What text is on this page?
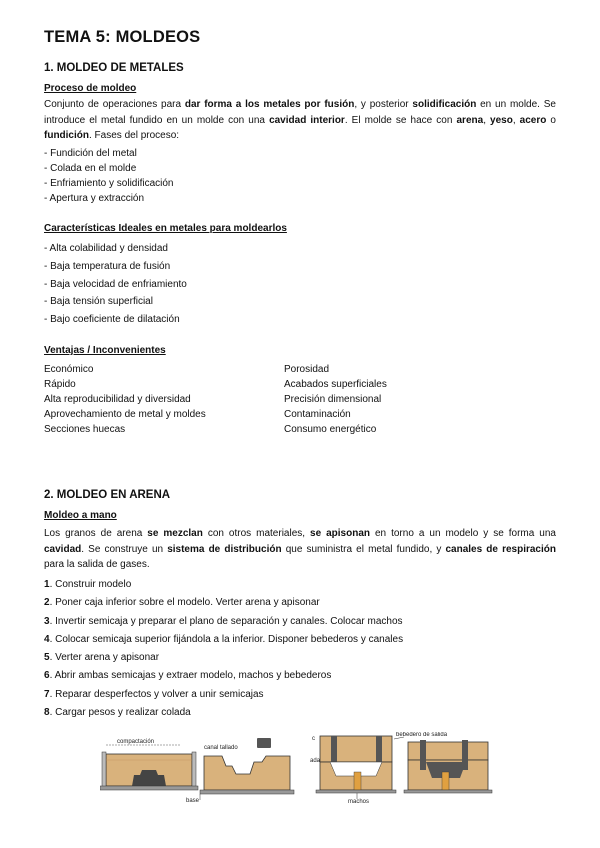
TEMA 5: MOLDEOS
1. MOLDEO DE METALES
Proceso de moldeo
Conjunto de operaciones para dar forma a los metales por fusión, y posterior solidificación en un molde. Se introduce el metal fundido en un molde con una cavidad interior. El molde se hace con arena, yeso, acero o fundición. Fases del proceso:
- Fundición del metal
- Colada en el molde
- Enfriamiento y solidificación
- Apertura y extracción
Características Ideales en metales para moldearlos
- Alta colabilidad y densidad
- Baja temperatura de fusión
- Baja velocidad de enfriamiento
- Baja tensión superficial
- Bajo coeficiente de dilatación
Ventajas / Inconvenientes
Económico
Rápido
Alta reproducibilidad y diversidad
Aprovechamiento de metal y moldes
Secciones huecas
Porosidad
Acabados superficiales
Precisión dimensional
Contaminación
Consumo energético
2. MOLDEO EN ARENA
Moldeo a mano
Los granos de arena se mezclan con otros materiales, se apisonan en torno a un modelo y se forma una cavidad. Se construye un sistema de distribución que suministra el metal fundido, y canales de respiración para la salida de gases.
1. Construir modelo
2. Poner caja inferior sobre el modelo. Verter arena y apisonar
3. Invertir semicaja y preparar el plano de separación y canales. Colocar machos
4. Colocar semicaja superior fijándola a la inferior. Disponer bebederos y canales
5. Verter arena y apisonar
6. Abrir ambas semicajas y extraer modelo, machos y bebederos
7. Reparar desperfectos y volver a unir semicajas
8. Cargar pesos y realizar colada
compactación
canal tallado
base
c
ada
machos
bebedero de salida
